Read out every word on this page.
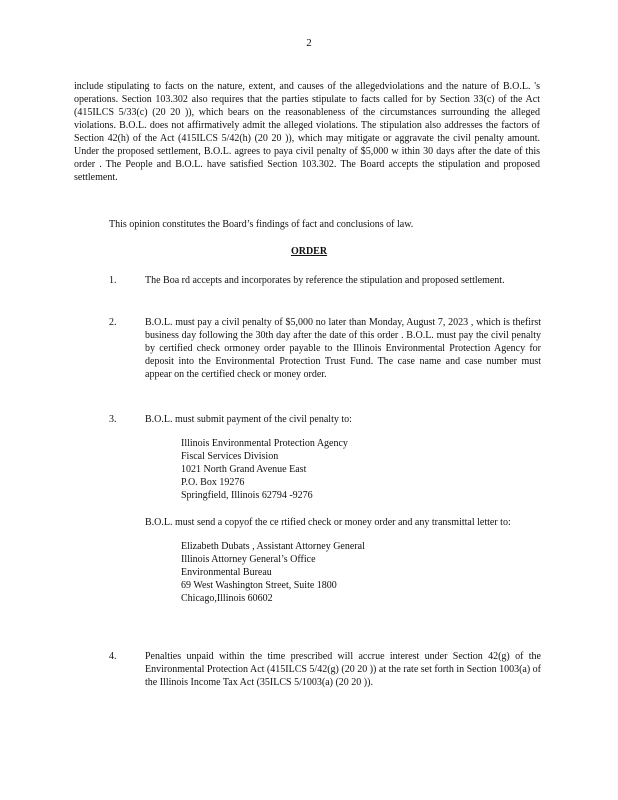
2
include stipulating to facts on the nature, extent, and causes of the allegedviolations and the nature of B.O.L. 's operations. Section 103.302 also requires that the parties stipulate to facts called for by Section 33(c) of the Act (415ILCS 5/33(c) (20 20 )), which bears on the reasonableness of the circumstances surrounding the alleged violations. B.O.L. does not affirmatively admit the alleged violations. The stipulation also addresses the factors of Section 42(h) of the Act (415ILCS 5/42(h) (20 20 )), which may mitigate or aggravate the civil penalty amount. Under the proposed settlement, B.O.L. agrees to paya civil penalty of $5,000 w ithin 30 days after the date of this order . The People and B.O.L. have satisfied Section 103.302. The Board accepts the stipulation and proposed settlement.
This opinion constitutes the Board’s findings of fact and conclusions of law.
ORDER
1.	The Boa rd accepts and incorporates by reference the stipulation and proposed settlement.
2.	B.O.L. must pay a civil penalty of $5,000 no later than Monday, August 7, 2023 , which is thefirst business day following the 30th day after the date of this order . B.O.L. must pay the civil penalty by certified check ormoney order payable to the Illinois Environmental Protection Agency for deposit into the Environmental Protection Trust Fund. The case name and case number must appear on the certified check or money order.
3.	B.O.L. must submit payment of the civil penalty to:
Illinois Environmental Protection Agency
Fiscal Services Division
1021 North Grand Avenue East
P.O. Box 19276
Springfield, Illinois 62794 -9276
B.O.L. must send a copyof the ce rtified check or money order and any transmittal letter to:
Elizabeth Dubats , Assistant Attorney General
Illinois Attorney General’s Office
Environmental Bureau
69 West Washington Street, Suite 1800
Chicago,Illinois 60602
4.	Penalties unpaid within the time prescribed will accrue interest under Section 42(g) of the Environmental Protection Act (415ILCS 5/42(g) (20 20 )) at the rate set forth in Section 1003(a) of the Illinois Income Tax Act (35ILCS 5/1003(a) (20 20 )).
